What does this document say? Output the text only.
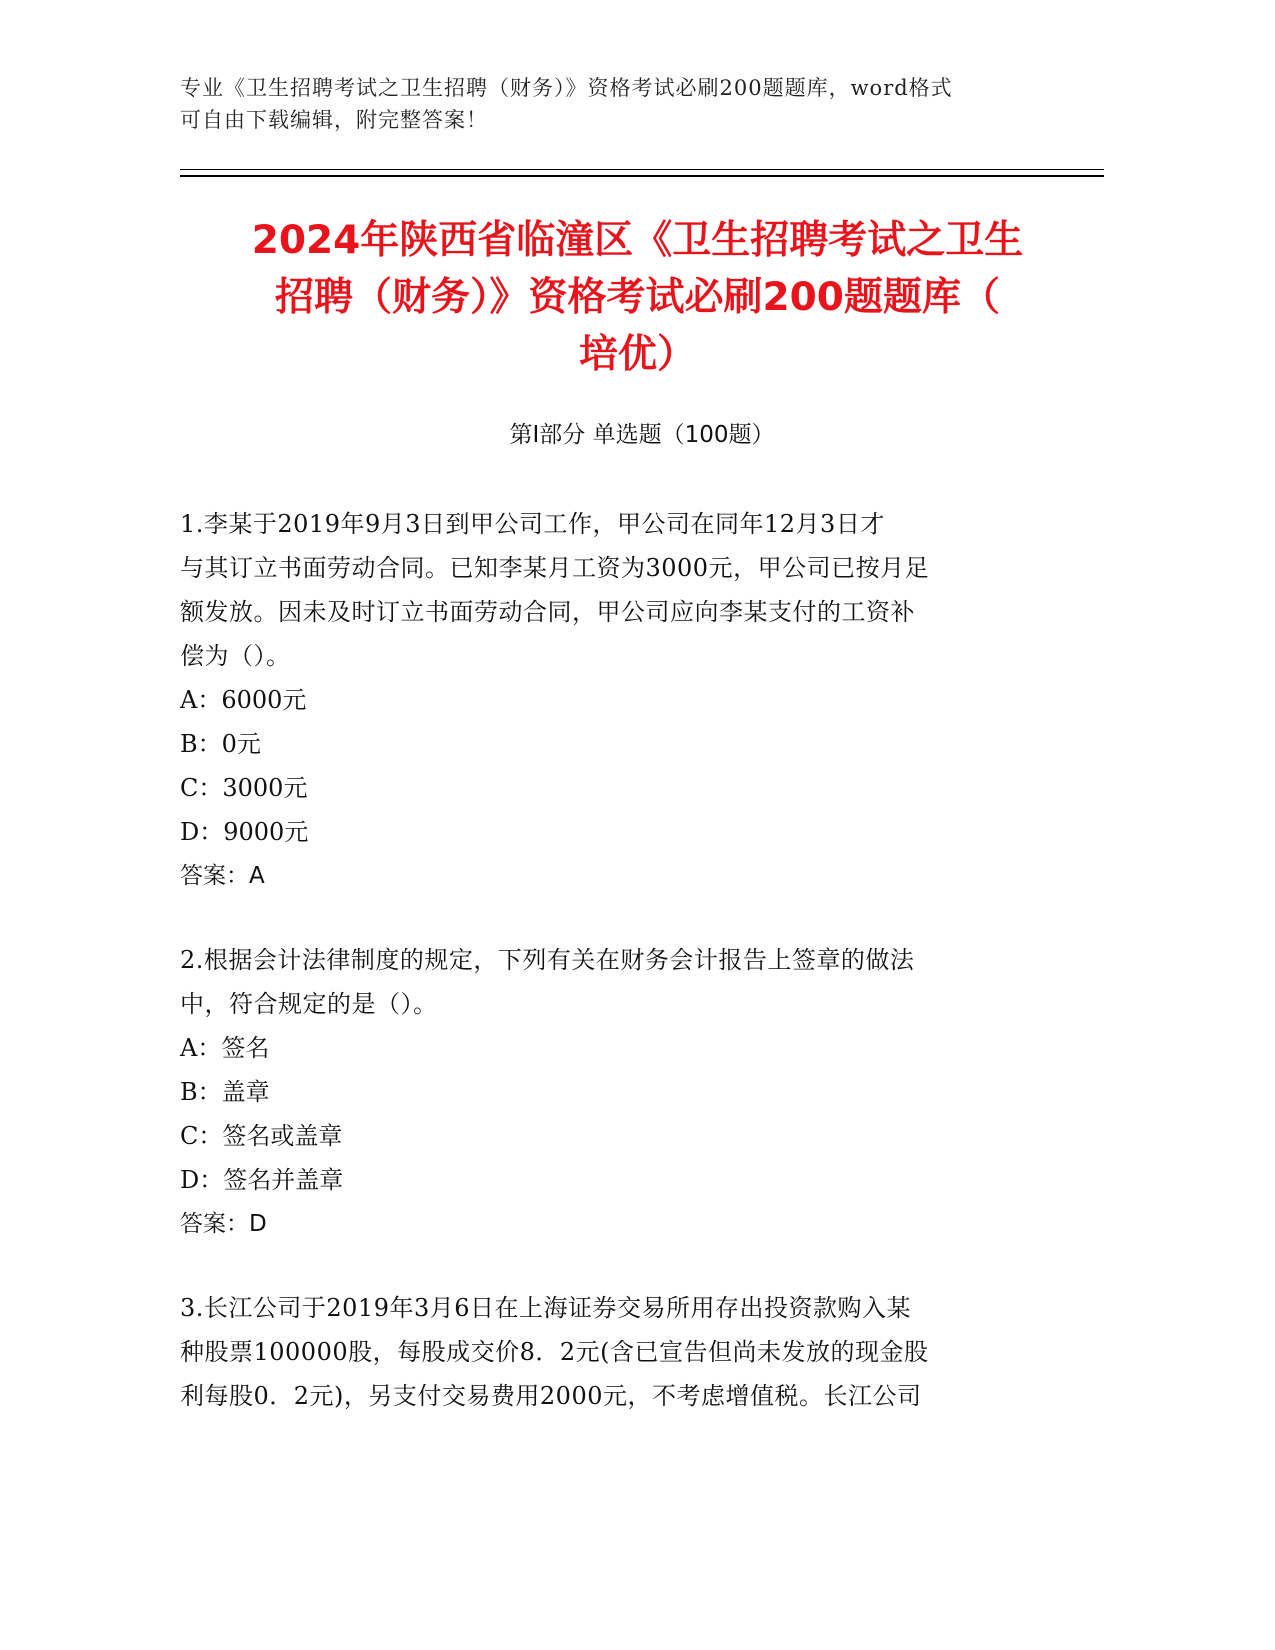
专业《卫生招聘考试之卫生招聘（财务）》资格考试必刷200题题库，word格式
可自由下载编辑，附完整答案！
2024年陕西省临潼区《卫生招聘考试之卫生
招聘（财务）》资格考试必刷200题题库（
培优）
第Ⅰ部分 单选题（100题）
1.李某于2019年9月3日到甲公司工作，甲公司在同年12月3日才
与其订立书面劳动合同。已知李某月工资为3000元，甲公司已按月足
额发放。因未及时订立书面劳动合同，甲公司应向李某支付的工资补
偿为（）。
A：6000元
B：0元
C：3000元
D：9000元
答案：A
2.根据会计法律制度的规定，下列有关在财务会计报告上签章的做法
中，符合规定的是（）。
A：签名
B：盖章
C：签名或盖章
D：签名并盖章
答案：D
3.长江公司于2019年3月6日在上海证券交易所用存出投资款购入某
种股票100000股，每股成交价8．2元(含已宣告但尚未发放的现金股
利每股0．2元)，另支付交易费用2000元，不考虑增值税。长江公司
